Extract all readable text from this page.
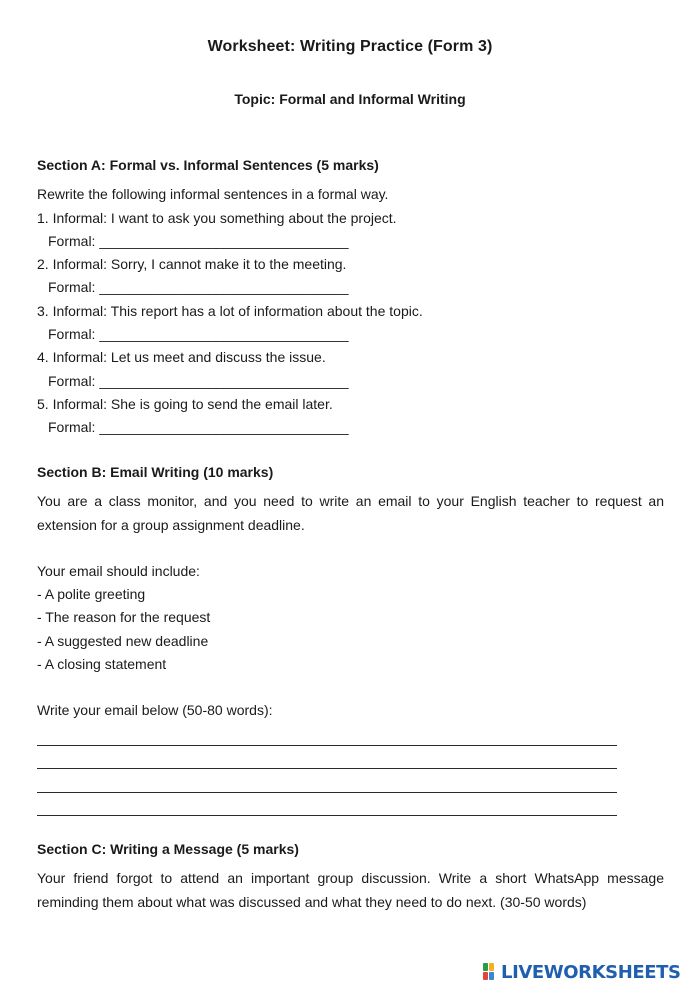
Worksheet: Writing Practice (Form 3)
Topic: Formal and Informal Writing
Section A: Formal vs. Informal Sentences (5 marks)
Rewrite the following informal sentences in a formal way.
1. Informal: I want to ask you something about the project.
Formal: ________________________________
2. Informal: Sorry, I cannot make it to the meeting.
Formal: ________________________________
3. Informal: This report has a lot of information about the topic.
Formal: ________________________________
4. Informal: Let us meet and discuss the issue.
Formal: ________________________________
5. Informal: She is going to send the email later.
Formal: ________________________________
Section B: Email Writing (10 marks)
You are a class monitor, and you need to write an email to your English teacher to request an extension for a group assignment deadline.
Your email should include:
- A polite greeting
- The reason for the request
- A suggested new deadline
- A closing statement
Write your email below (50-80 words):
Section C: Writing a Message (5 marks)
Your friend forgot to attend an important group discussion. Write a short WhatsApp message reminding them about what was discussed and what they need to do next. (30-50 words)
LIVEWORKSHEETS
